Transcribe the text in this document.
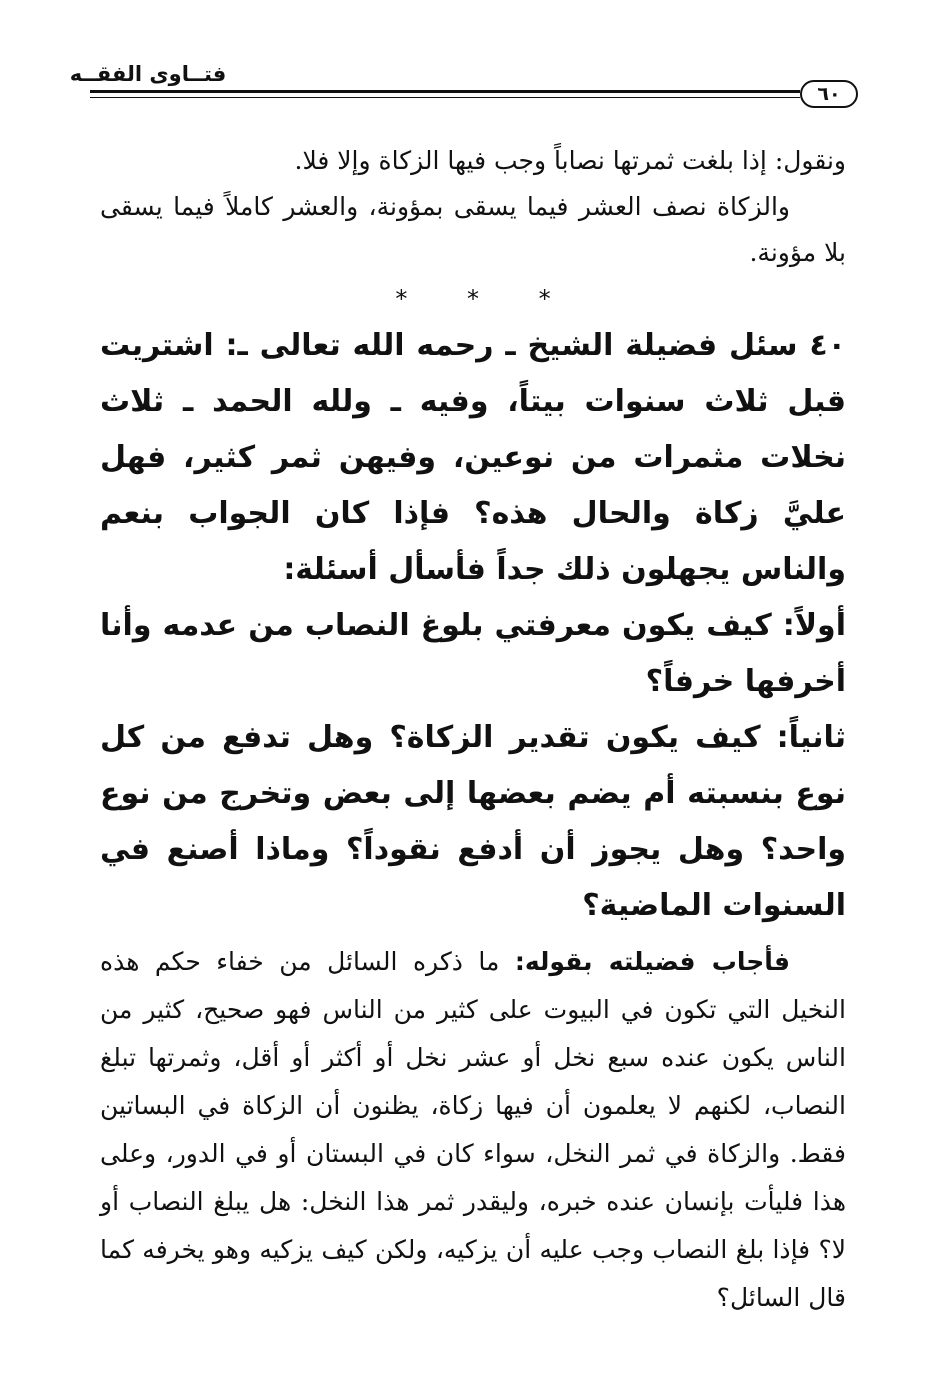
فتــاوى الفقــه
٦٠

ونقول: إذا بلغت ثمرتها نصاباً وجب فيها الزكاة وإلا فلا.

والزكاة نصف العشر فيما يسقى بمؤونة، والعشر كاملاً فيما يسقى بلا مؤونة.

* * *

٤٠ سئل فضيلة الشيخ ـ رحمه الله تعالى ـ: اشتريت قبل ثلاث سنوات بيتاً، وفيه ـ ولله الحمد ـ ثلاث نخلات مثمرات من نوعين، وفيهن ثمر كثير، فهل عليَّ زكاة والحال هذه؟ فإذا كان الجواب بنعم والناس يجهلون ذلك جداً فأسأل أسئلة:

أولاً: كيف يكون معرفتي بلوغ النصاب من عدمه وأنا أخرفها خرفاً؟

ثانياً: كيف يكون تقدير الزكاة؟ وهل تدفع من كل نوع بنسبته أم يضم بعضها إلى بعض وتخرج من نوع واحد؟ وهل يجوز أن أدفع نقوداً؟ وماذا أصنع في السنوات الماضية؟

فأجاب فضيلته بقوله: ما ذكره السائل من خفاء حكم هذه النخيل التي تكون في البيوت على كثير من الناس فهو صحيح، كثير من الناس يكون عنده سبع نخل أو عشر نخل أو أكثر أو أقل، وثمرتها تبلغ النصاب، لكنهم لا يعلمون أن فيها زكاة، يظنون أن الزكاة في البساتين فقط. والزكاة في ثمر النخل، سواء كان في البستان أو في الدور، وعلى هذا فليأت بإنسان عنده خبره، وليقدر ثمر هذا النخل: هل يبلغ النصاب أو لا؟ فإذا بلغ النصاب وجب عليه أن يزكيه، ولكن كيف يزكيه وهو يخرفه كما قال السائل؟
